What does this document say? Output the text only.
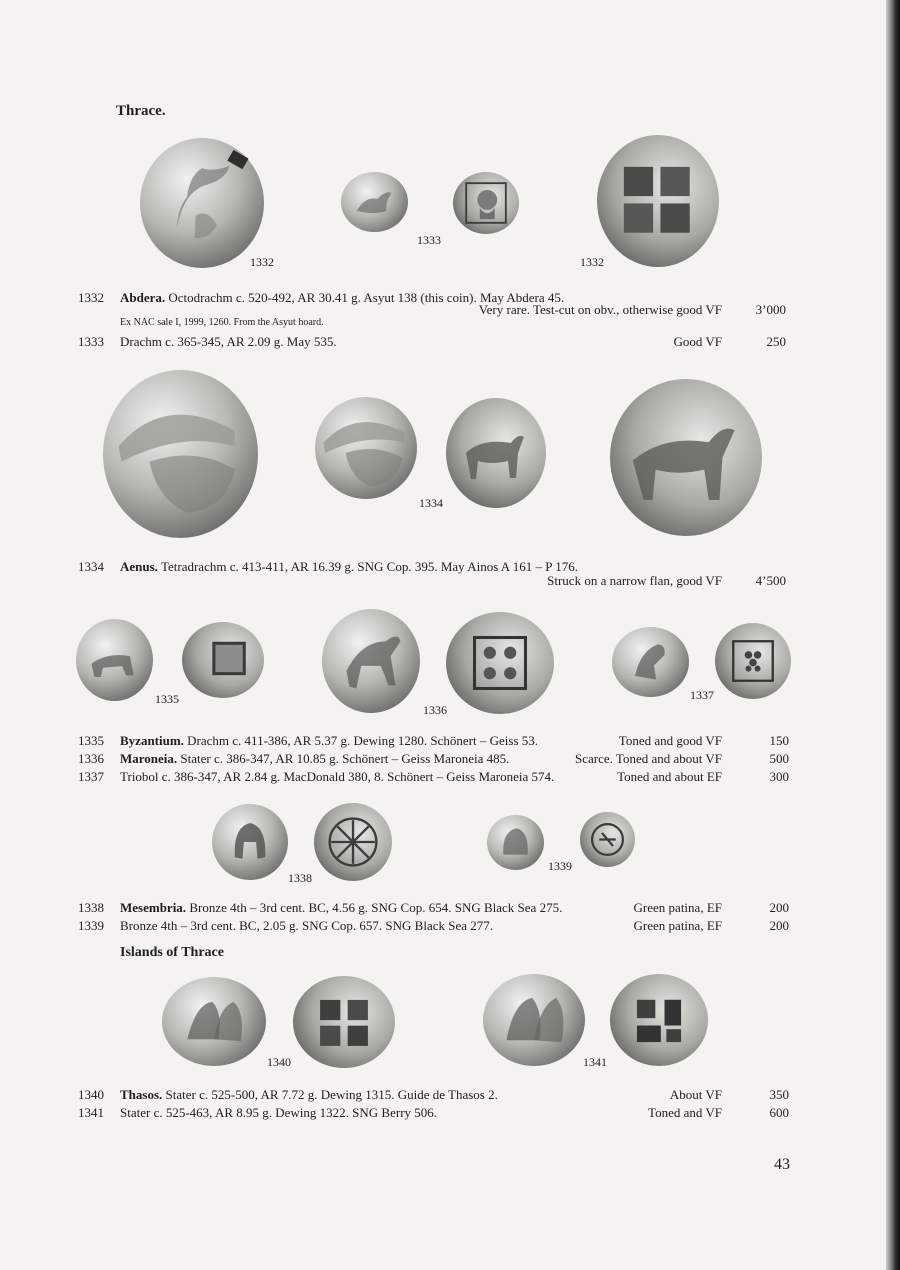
Thrace.
1332
1333
1332
1332 Abdera. Octodrachm c. 520-492, AR 30.41 g. Asyut 138 (this coin). May Abdera 45.
Very rare. Test-cut on obv., otherwise good VF	3’000
Ex NAC sale I, 1999, 1260. From the Asyut hoard.
1333 Drachm c. 365-345, AR 2.09 g. May 535.	Good VF	250
1334
1334 Aenus. Tetradrachm c. 413-411, AR 16.39 g. SNG Cop. 395. May Ainos A 161 – P 176.
Struck on a narrow flan, good VF	4’500
1335
1336
1337
1335 Byzantium. Drachm c. 411-386, AR 5.37 g. Dewing 1280. Schönert – Geiss 53.	Toned and good VF	150
1336 Maroneia. Stater c. 386-347, AR 10.85 g. Schönert – Geiss Maroneia 485.	Scarce. Toned and about VF	500
1337 Triobol c. 386-347, AR 2.84 g. MacDonald 380, 8. Schönert – Geiss Maroneia 574.	Toned and about EF	300
1338
1339
1338 Mesembria. Bronze 4th – 3rd cent. BC, 4.56 g. SNG Cop. 654. SNG Black Sea 275.	Green patina, EF	200
1339 Bronze 4th – 3rd cent. BC, 2.05 g. SNG Cop. 657. SNG Black Sea 277.	Green patina, EF	200
Islands of Thrace
1340	1341
1340 Thasos. Stater c. 525-500, AR 7.72 g. Dewing 1315. Guide de Thasos 2.	About VF	350
1341 Stater c. 525-463, AR 8.95 g. Dewing 1322. SNG Berry 506.	Toned and VF	600
43
